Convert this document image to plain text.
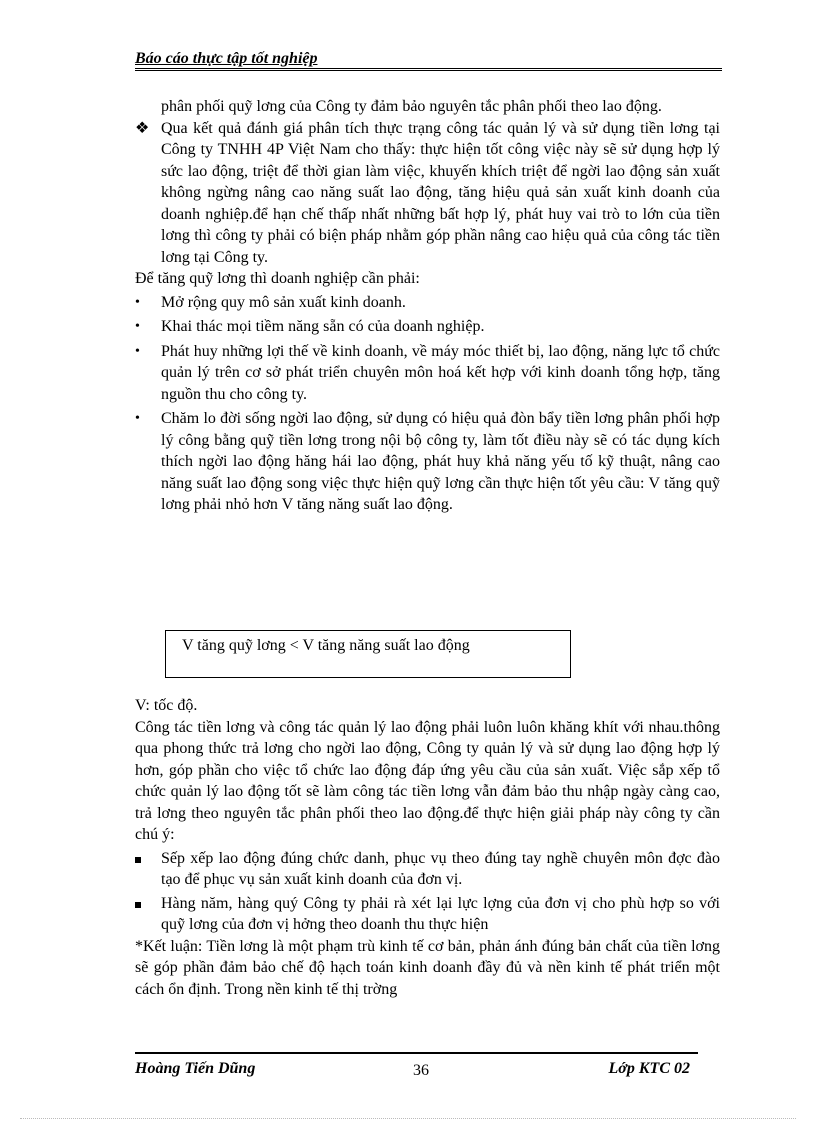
Báo cáo thực tập tốt nghiệp

phân phối quỹ lơng của Công ty đảm bảo nguyên tắc phân phối theo lao động.

❖ Qua kết quả đánh giá phân tích thực trạng công tác quản lý và sử dụng tiền lơng tại Công ty TNHH 4P Việt Nam cho thấy: thực hiện tốt công việc này sẽ sử dụng hợp lý sức lao động, triệt để thời gian làm việc, khuyến khích triệt để ngời lao động sản xuất không ngừng nâng cao năng suất lao động, tăng hiệu quả sản xuất kinh doanh của doanh nghiệp.để hạn chế thấp nhất những bất hợp lý, phát huy vai trò to lớn của tiền lơng thì công ty phải có biện pháp nhằm góp phần nâng cao hiệu quả của công tác tiền lơng tại Công ty.

Để tăng quỹ lơng thì doanh nghiệp cần phải:

•	Mở rộng quy mô sản xuất kinh doanh.
•	Khai thác mọi tiềm năng sẵn có của doanh nghiệp.
•	Phát huy những lợi thế về kinh doanh, về máy móc thiết bị, lao động, năng lực tổ chức quản lý trên cơ sở phát triển chuyên môn hoá kết hợp với kinh doanh tổng hợp, tăng nguồn thu cho công ty.
•	Chăm lo đời sống ngời lao động, sử dụng có hiệu quả đòn bẩy tiền lơng phân phối hợp lý công bằng quỹ tiền lơng trong nội bộ công ty, làm tốt điều này sẽ có tác dụng kích thích ngời lao động hăng hái lao động, phát huy khả năng yếu tố kỹ thuật, nâng cao năng suất lao động song việc thực hiện quỹ lơng cần thực hiện tốt yêu cầu: V tăng quỹ lơng phải nhỏ hơn V tăng năng suất lao động.
V tăng quỹ lơng < V tăng năng suất lao động

V: tốc độ.

Công tác tiền lơng và công tác quản lý lao động phải luôn luôn khăng khít với nhau.thông qua phong thức trả lơng cho ngời lao động, Công ty quản lý và sử dụng lao động hợp lý hơn, góp phần cho việc tổ chức lao động đáp ứng yêu cầu của sản xuất. Việc sắp xếp tổ chức quản lý lao động tốt sẽ làm công tác tiền lơng vẫn đảm bảo thu nhập ngày càng cao, trả lơng theo nguyên tắc phân phối theo lao động.để thực hiện giải pháp này công ty cần chú ý:

Sếp xếp lao động đúng chức danh, phục vụ theo đúng tay nghề chuyên môn đợc đào tạo để phục vụ sản xuất kinh doanh của đơn vị.
Hàng năm, hàng quý Công ty phải rà xét lại lực lợng của đơn vị cho phù hợp so với quỹ lơng của đơn vị hởng theo doanh thu thực hiện

*Kết luận: Tiền lơng là một phạm trù kinh tế cơ bản, phản ánh đúng bản chất của tiền lơng sẽ góp phần đảm bảo chế độ hạch toán kinh doanh đầy đủ và nền kinh tế phát triển một cách ổn định. Trong nền kinh tế thị trờng

Hoàng Tiến Dũng	36	Lớp KTC 02
